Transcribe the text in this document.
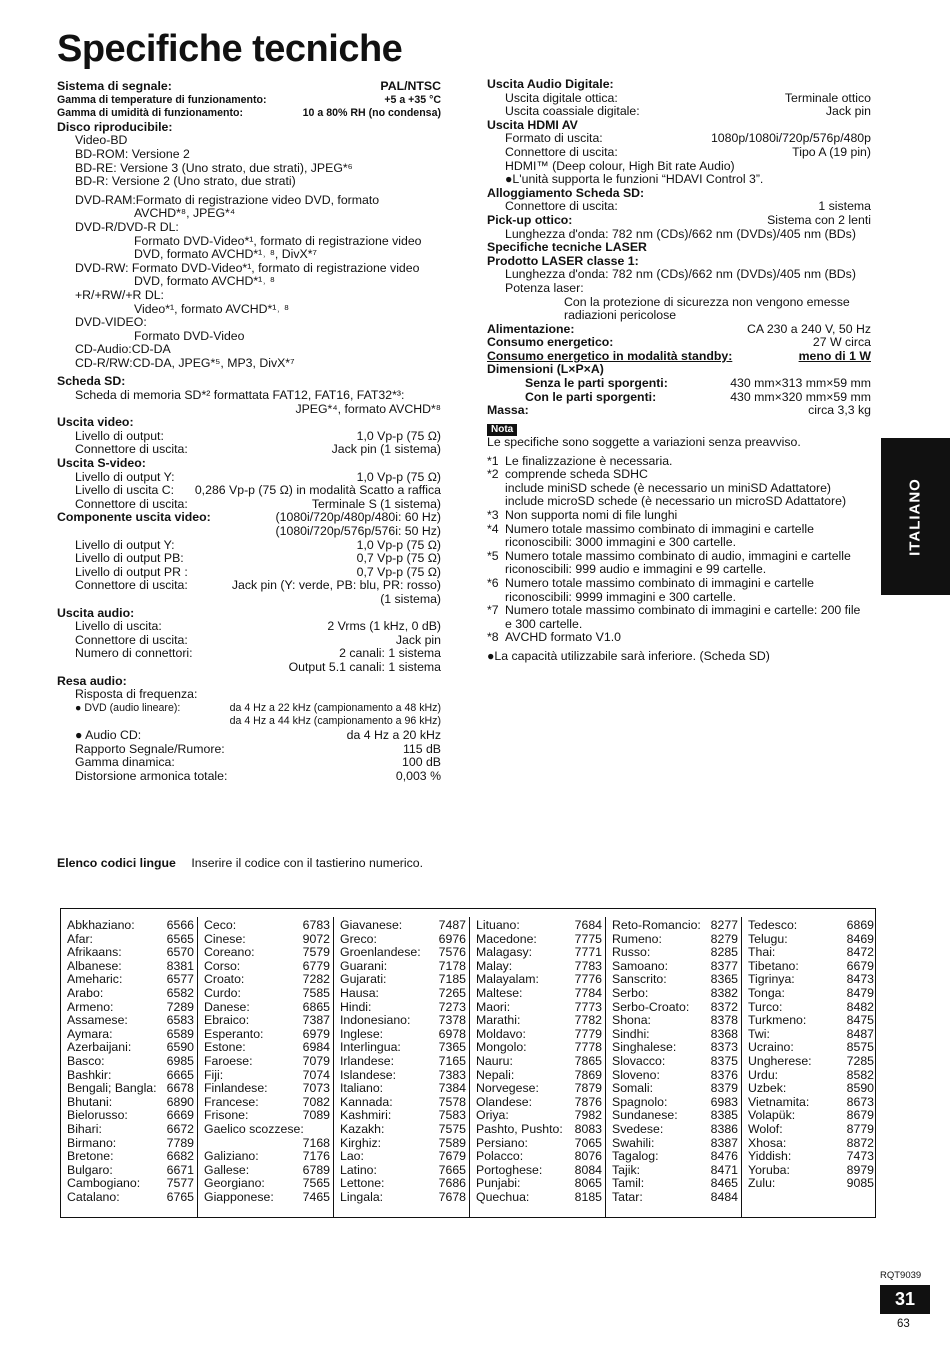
Specifiche tecniche
Sistema di segnale:	PAL/NTSC
Gamma di temperature di funzionamento:	+5 a +35 °C
Gamma di umidità di funzionamento:	10 a 80% RH (no condensa)
Disco riproducibile:
Video-BD
BD-ROM: Versione 2
BD-RE: Versione 3 (Uno strato, due strati), JPEG*⁶
BD-R: Versione 2 (Uno strato, due strati)
DVD-RAM:Formato di registrazione video DVD, formato
AVCHD*⁸, JPEG*⁴
DVD-R/DVD-R DL:
Formato DVD-Video*¹, formato di registrazione video
DVD, formato AVCHD*¹˒ ⁸, DivX*⁷
DVD-RW: Formato DVD-Video*¹, formato di registrazione video
DVD, formato AVCHD*¹˒ ⁸
+R/+RW/+R DL:
Video*¹, formato AVCHD*¹˒ ⁸
DVD-VIDEO:
Formato DVD-Video
CD-Audio:CD-DA
CD-R/RW:CD-DA, JPEG*⁵, MP3, DivX*⁷
Scheda SD:
Scheda di memoria SD*² formattata FAT12, FAT16, FAT32*³:
JPEG*⁴, formato AVCHD*⁸
Uscita video:
Livello di output:	1,0 Vp-p (75 Ω)
Connettore di uscita:	Jack pin (1 sistema)
Uscita S-video:
Livello di output Y:	1,0 Vp-p (75 Ω)
Livello di uscita C: 0,286 Vp-p (75 Ω) in modalità Scatto a raffica
Connettore di uscita:	Terminale S (1 sistema)
Componente uscita video:	(1080i/720p/480p/480i: 60 Hz)
(1080i/720p/576p/576i: 50 Hz)
Livello di output Y:	1,0 Vp-p (75 Ω)
Livello di output PB:	0,7 Vp-p (75 Ω)
Livello di output PR :	0,7 Vp-p (75 Ω)
Connettore di uscita:	Jack pin (Y: verde, PB: blu, PR: rosso)
(1 sistema)
Uscita audio:
Livello di uscita:	2 Vrms (1 kHz, 0 dB)
Connettore di uscita:	Jack pin
Numero di connettori:	2 canali: 1 sistema
Output 5.1 canali: 1 sistema
Resa audio:
Risposta di frequenza:
● DVD (audio lineare):	da 4 Hz a 22 kHz (campionamento a 48 kHz)
da 4 Hz a 44 kHz (campionamento a 96 kHz)
● Audio CD:	da 4 Hz a 20 kHz
Rapporto Segnale/Rumore:	115 dB
Gamma dinamica:	100 dB
Distorsione armonica totale:	0,003 %
Uscita Audio Digitale:
Uscita digitale ottica:	Terminale ottico
Uscita coassiale digitale:	Jack pin
Uscita HDMI AV
Formato di uscita:	1080p/1080i/720p/576p/480p
Connettore di uscita:	Tipo A (19 pin)
HDMI™ (Deep colour, High Bit rate Audio)
●L'unità supporta le funzioni “HDAVI Control 3”.
Alloggiamento Scheda SD:
Connettore di uscita:	1 sistema
Pick-up ottico:	Sistema con 2 lenti
Lunghezza d'onda: 782 nm (CDs)/662 nm (DVDs)/405 nm (BDs)
Specifiche tecniche LASER
Prodotto LASER classe 1:
Lunghezza d'onda: 782 nm (CDs)/662 nm (DVDs)/405 nm (BDs)
Potenza laser:
Con la protezione di sicurezza non vengono emesse
radiazioni pericolose
Alimentazione:	CA 230 a 240 V, 50 Hz
Consumo energetico:	27 W circa
Consumo energetico in modalità standby:	meno di 1 W
Dimensioni (L×P×A)
Senza le parti sporgenti:	430 mm×313 mm×59 mm
Con le parti sporgenti:	430 mm×320 mm×59 mm
Massa:	circa 3,3 kg
Nota
Le specifiche sono soggette a variazioni senza preavviso.
*1 Le finalizzazione è necessaria.
*2 comprende scheda SDHC
include miniSD schede (è necessario un miniSD Adattatore)
include microSD schede (è necessario un microSD Adattatore)
*3 Non supporta nomi di file lunghi
*4 Numero totale massimo combinato di immagini e cartelle
riconoscibili: 3000 immagini e 300 cartelle.
*5 Numero totale massimo combinato di audio, immagini e cartelle
riconoscibili: 999 audio e immagini e 99 cartelle.
*6 Numero totale massimo combinato di immagini e cartelle
riconoscibili: 9999 immagini e 300 cartelle.
*7 Numero totale massimo combinato di immagini e cartelle: 200 file
e 300 cartelle.
*8 AVCHD formato V1.0
●La capacità utilizzabile sarà inferiore. (Scheda SD)
ITALIANO
Elenco codici lingue Inserire il codice con il tastierino numerico.
Abkhaziano:	6566
Afar:	6565
Afrikaans:	6570
Albanese:	8381
Ameharic:	6577
Arabo:	6582
Armeno:	7289
Assamese:	6583
Aymara:	6589
Azerbaijani:	6590
Basco:	6985
Bashkir:	6665
Bengali; Bangla: 6678
Bhutani:	6890
Bielorusso:	6669
Bihari:	6672
Birmano:	7789
Bretone:	6682
Bulgaro:	6671
Cambogiano: 7577
Catalano:	6765
Ceco:	6783
Cinese:	9072
Coreano:	7579
Corso:	6779
Croato:	7282
Curdo:	7585
Danese:	6865
Ebraico:	7387
Esperanto:	6979
Estone:	6984
Faroese:	7079
Fiji:	7074
Finlandese:	7073
Francese:	7082
Frisone:	7089
Gaelico scozzese:
7168
Galiziano:	7176
Gallese:	6789
Georgiano:	7565
Giapponese: 7465
Giavanese:	7487
Greco:	6976
Groenlandese: 7576
Guarani:	7178
Gujarati:	7185
Hausa:	7265
Hindi:	7273
Indonesiano: 7378
Inglese:	6978
Interlingua:	7365
Irlandese:	7165
Islandese:	7383
Italiano:	7384
Kannada:	7578
Kashmiri:	7583
Kazakh:	7575
Kirghiz:	7589
Lao:	7679
Latino:	7665
Lettone:	7686
Lingala:	7678
Lituano:	7684
Macedone:	7775
Malagasy:	7771
Malay:	7783
Malayalam:	7776
Maltese:	7784
Maori:	7773
Marathi:	7782
Moldavo:	7779
Mongolo:	7778
Nauru:	7865
Nepali:	7869
Norvegese:	7879
Olandese:	7876
Oriya:	7982
Pashto, Pushto: 8083
Persiano:	7065
Polacco:	8076
Portoghese:	8084
Punjabi:	8065
Quechua:	8185
Reto-Romancio: 8277
Rumeno:	8279
Russo:	8285
Samoano:	8377
Sanscrito:	8365
Serbo:	8382
Serbo-Croato: 8372
Shona:	8378
Sindhi:	8368
Singhalese:	8373
Slovacco:	8375
Sloveno:	8376
Somali:	8379
Spagnolo:	6983
Sundanese:	8385
Svedese:	8386
Swahili:	8387
Tagalog:	8476
Tajik:	8471
Tamil:	8465
Tatar:	8484
Tedesco:	6869
Telugu:	8469
Thai:	8472
Tibetano:	6679
Tigrinya:	8473
Tonga:	8479
Turco:	8482
Turkmeno:	8475
Twi:	8487
Ucraino:	8575
Ungherese:	7285
Urdu:	8582
Uzbek:	8590
Vietnamita:	8673
Volapük:	8679
Wolof:	8779
Xhosa:	8872
Yiddish:	7473
Yoruba:	8979
Zulu:	9085
RQT9039
31
63
